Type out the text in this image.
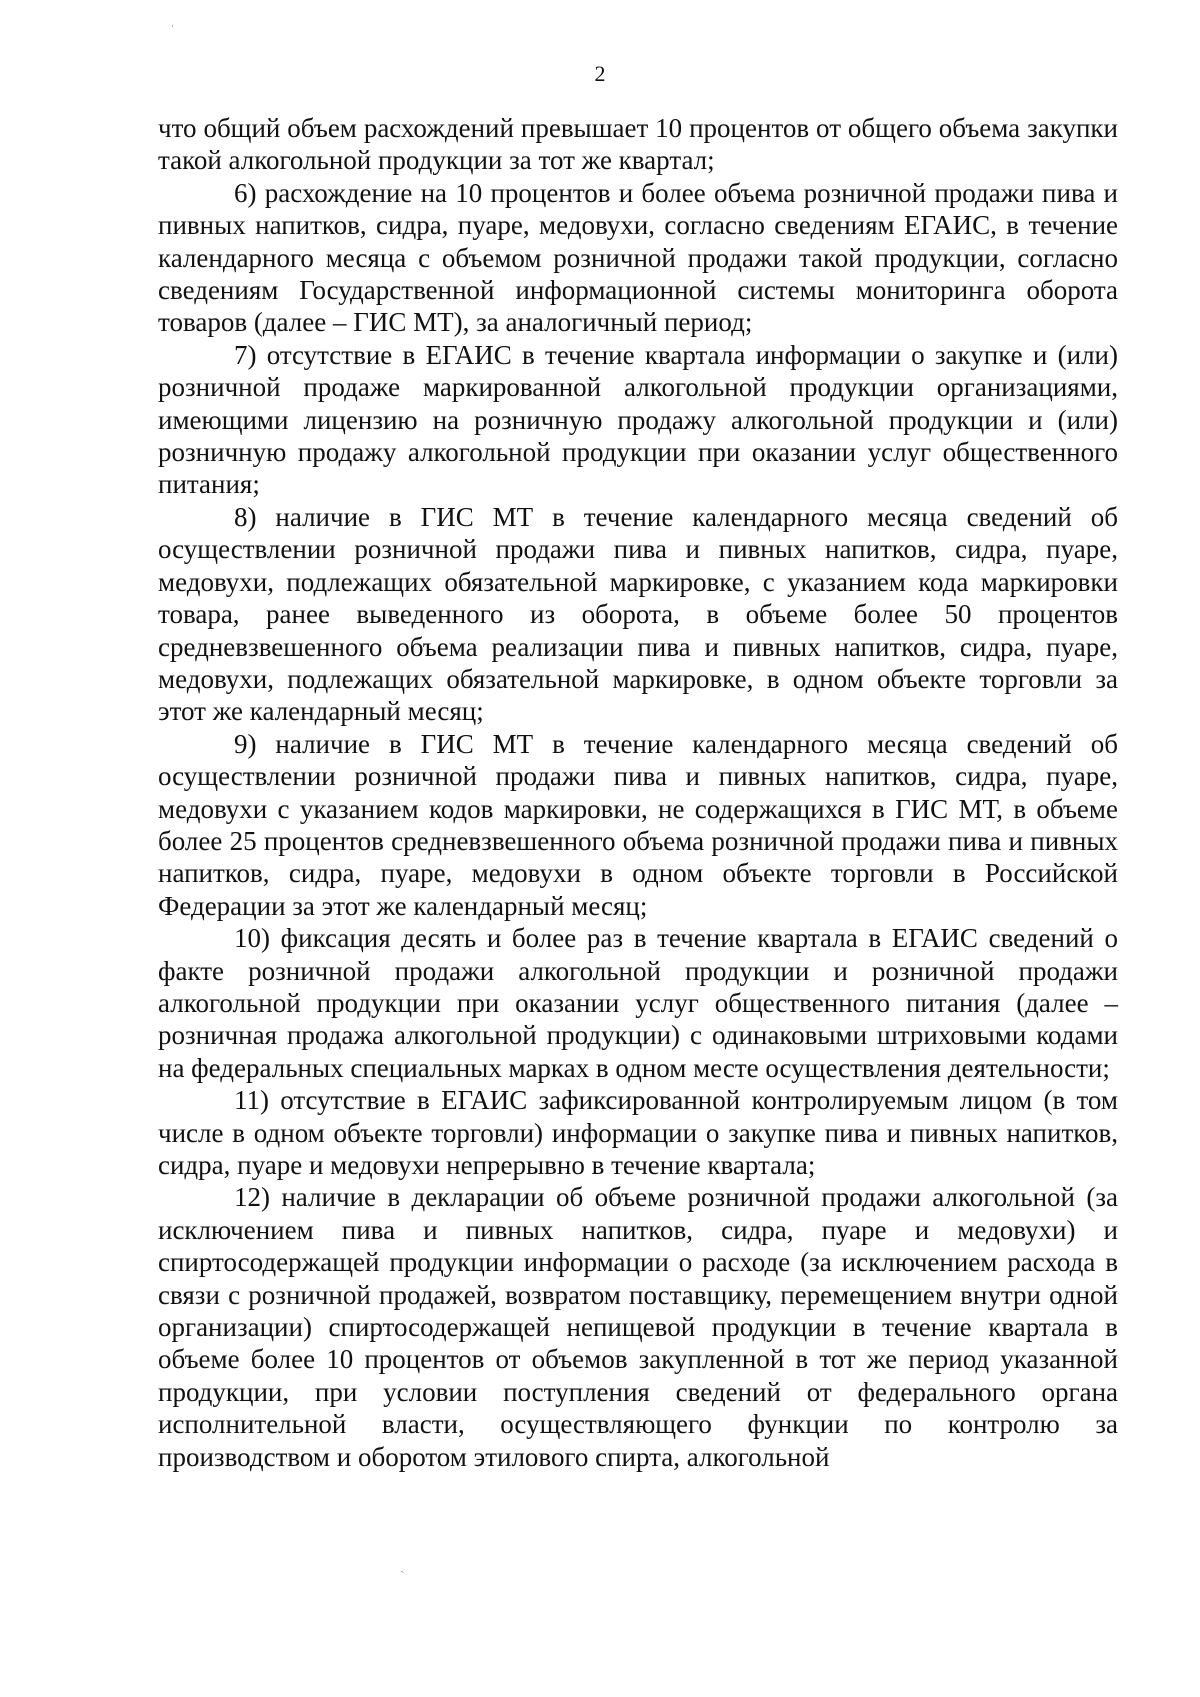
ˌ
2

что общий объем расхождений превышает 10 процентов от общего объема закупки такой алкогольной продукции за тот же квартал;

6) расхождение на 10 процентов и более объема розничной продажи пива и пивных напитков, сидра, пуаре, медовухи, согласно сведениям ЕГАИС, в течение календарного месяца с объемом розничной продажи такой продукции, согласно сведениям Государственной информационной системы мониторинга оборота товаров (далее – ГИС МТ), за аналогичный период;

7) отсутствие в ЕГАИС в течение квартала информации о закупке и (или) розничной продаже маркированной алкогольной продукции организациями, имеющими лицензию на розничную продажу алкогольной продукции и (или) розничную продажу алкогольной продукции при оказании услуг общественного питания;

8) наличие в ГИС МТ в течение календарного месяца сведений об осуществлении розничной продажи пива и пивных напитков, сидра, пуаре, медовухи, подлежащих обязательной маркировке, с указанием кода маркировки товара, ранее выведенного из оборота, в объеме более 50 процентов средневзвешенного объема реализации пива и пивных напитков, сидра, пуаре, медовухи, подлежащих обязательной маркировке, в одном объекте торговли за этот же календарный месяц;

9) наличие в ГИС МТ в течение календарного месяца сведений об осуществлении розничной продажи пива и пивных напитков, сидра, пуаре, медовухи с указанием кодов маркировки, не содержащихся в ГИС МТ, в объеме более 25 процентов средневзвешенного объема розничной продажи пива и пивных напитков, сидра, пуаре, медовухи в одном объекте торговли в Российской Федерации за этот же календарный месяц;

10) фиксация десять и более раз в течение квартала в ЕГАИС сведений о факте розничной продажи алкогольной продукции и розничной продажи алкогольной продукции при оказании услуг общественного питания (далее – розничная продажа алкогольной продукции) с одинаковыми штриховыми кодами на федеральных специальных марках в одном месте осуществления деятельности;

11) отсутствие в ЕГАИС зафиксированной контролируемым лицом (в том числе в одном объекте торговли) информации о закупке пива и пивных напитков, сидра, пуаре и медовухи непрерывно в течение квартала;

12) наличие в декларации об объеме розничной продажи алкогольной (за исключением пива и пивных напитков, сидра, пуаре и медовухи) и спиртосодержащей продукции информации о расходе (за исключением расхода в связи с розничной продажей, возвратом поставщику, перемещением внутри одной организации) спиртосодержащей непищевой продукции в течение квартала в объеме более 10 процентов от объемов закупленной в тот же период указанной продукции, при условии поступления сведений от федерального органа исполнительной власти, осуществляющего функции по контролю за производством и оборотом этилового спирта, алкогольной

ˏ
